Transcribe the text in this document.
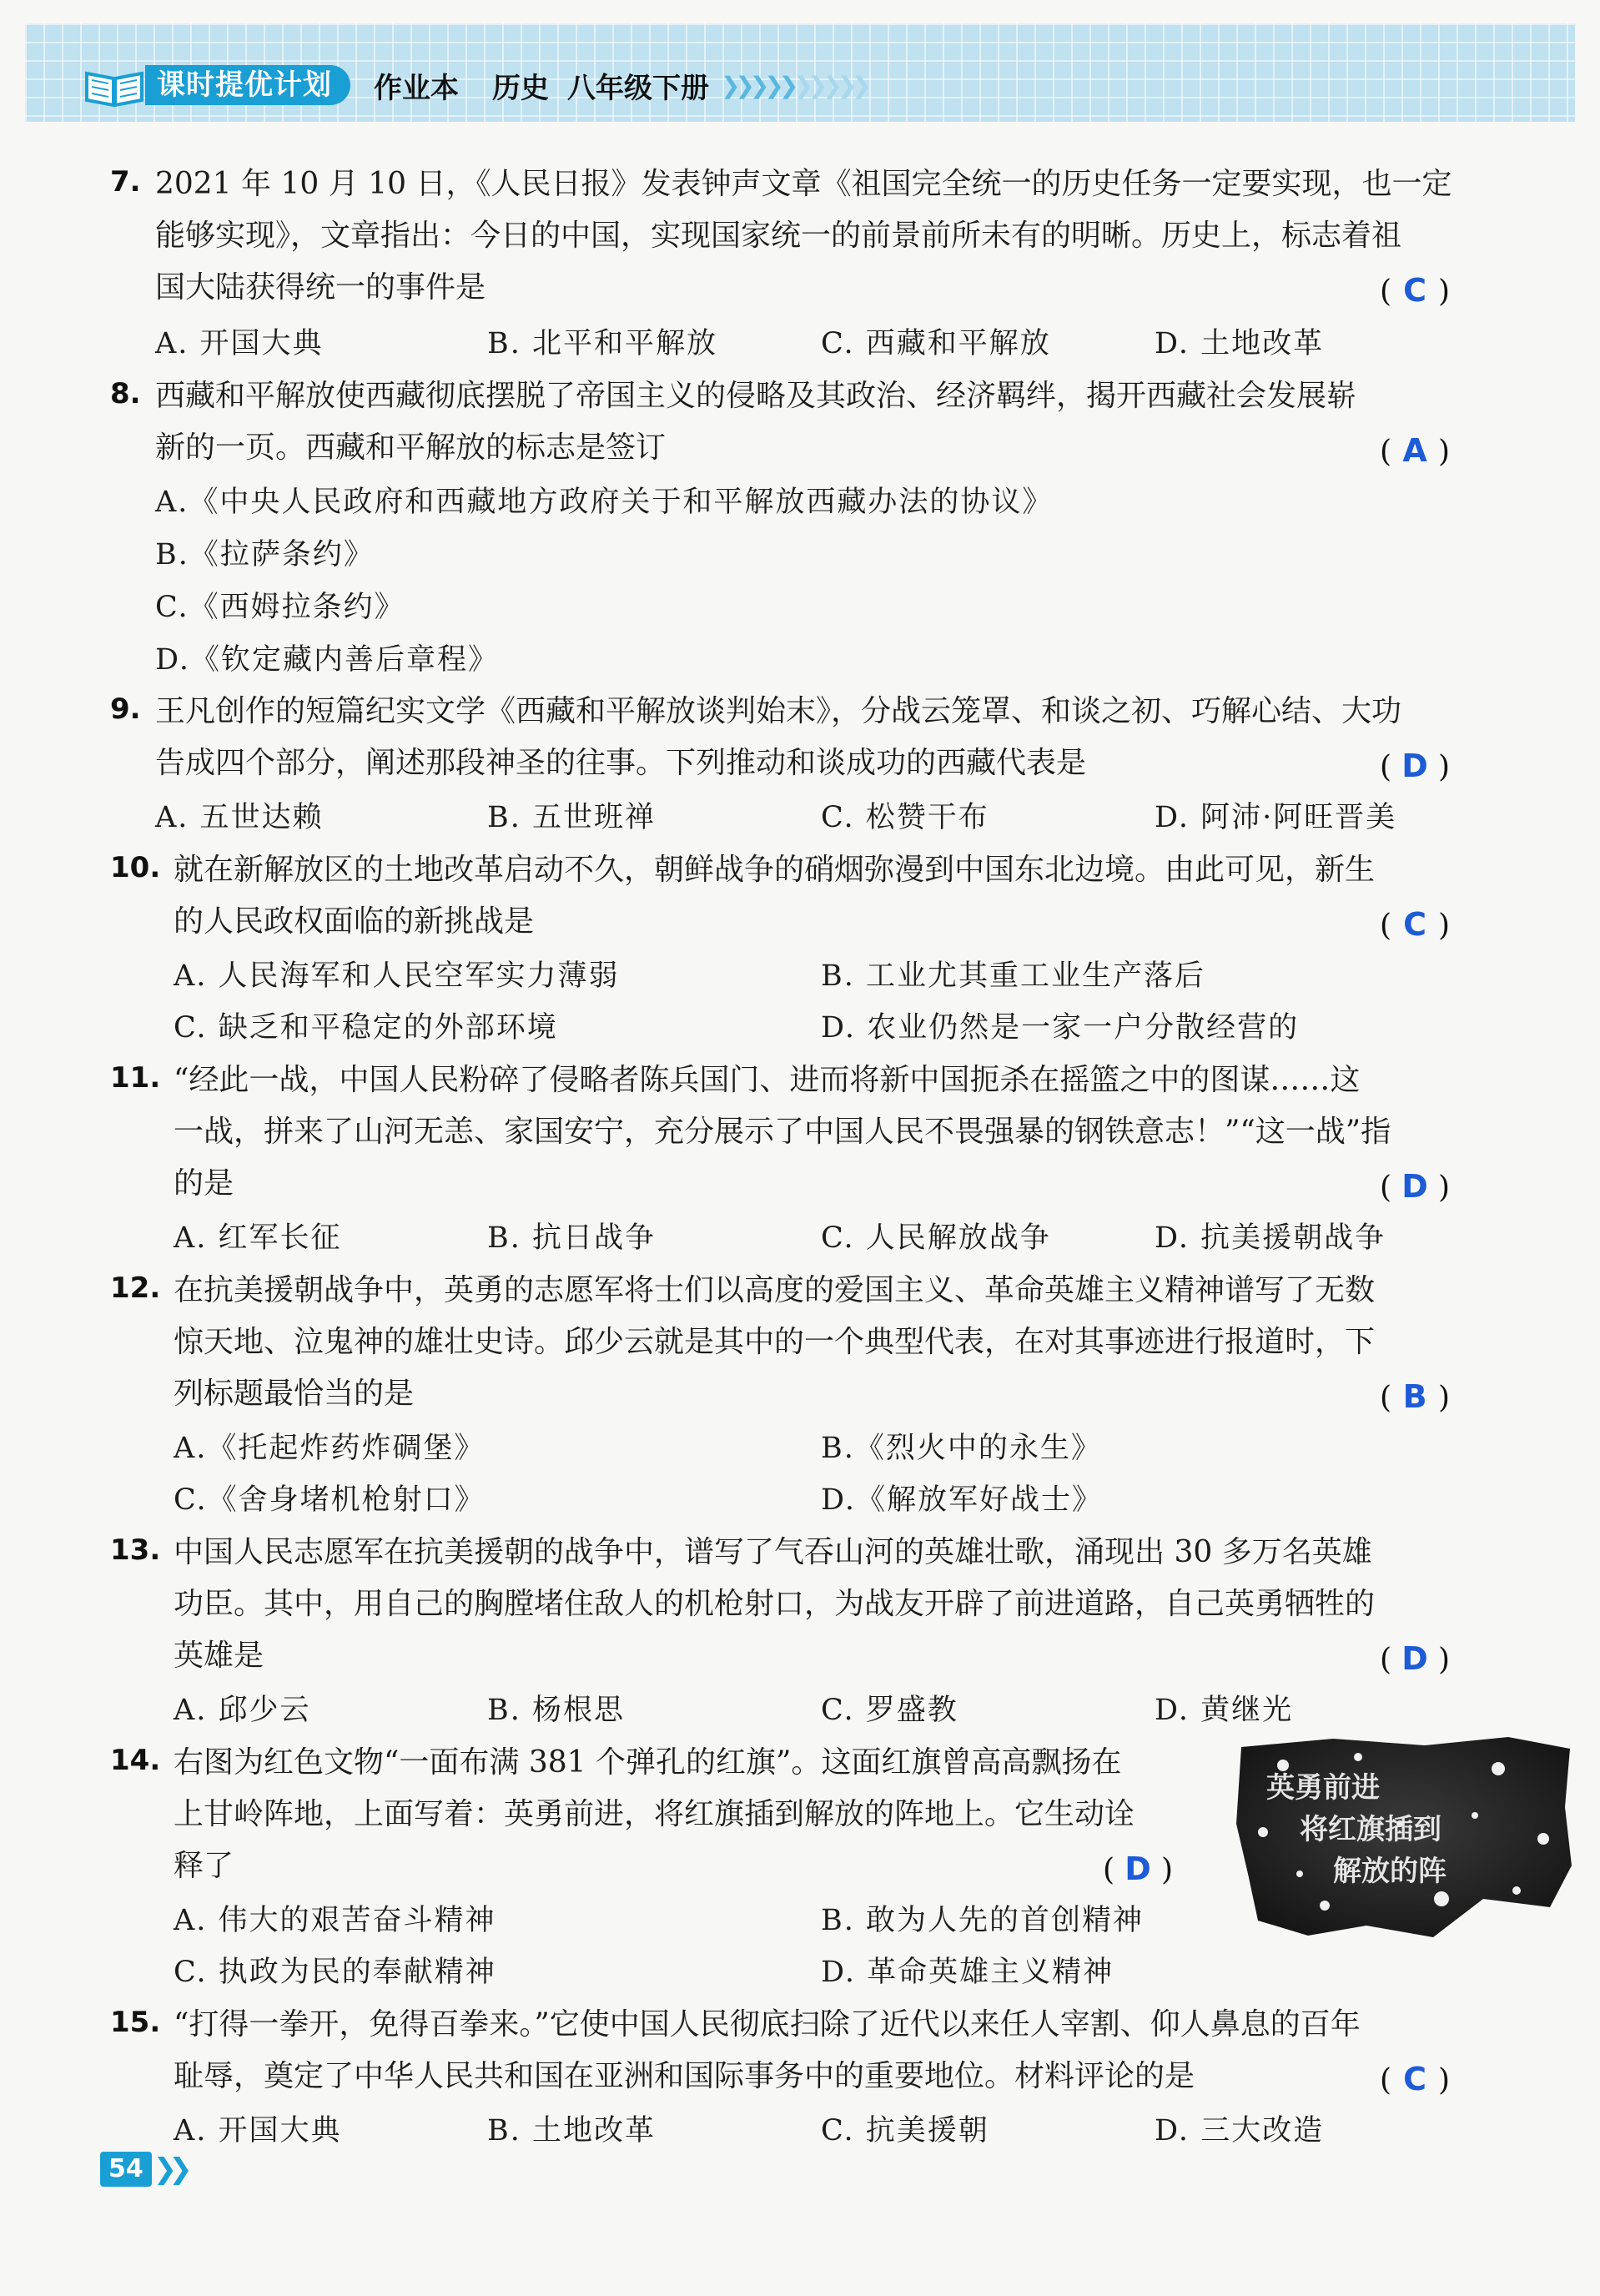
课时提优计划	作业本 历史 八年级下册 ❯❯❯❯❯❯❯❯❯❯
7. 2021 年 10 月 10 日，《人民日报》发表钟声文章《祖国完全统一的历史任务一定要实现，也一定
能够实现》，文章指出：今日的中国，实现国家统一的前景前所未有的明晰。历史上，标志着祖
国大陆获得统一的事件是	( C )
A. 开国大典	B. 北平和平解放	C. 西藏和平解放	D. 土地改革
8. 西藏和平解放使西藏彻底摆脱了帝国主义的侵略及其政治、经济羁绊，揭开西藏社会发展崭
新的一页。西藏和平解放的标志是签订	( A )
A.《中央人民政府和西藏地方政府关于和平解放西藏办法的协议》
B.《拉萨条约》
C.《西姆拉条约》
D.《钦定藏内善后章程》
9. 王凡创作的短篇纪实文学《西藏和平解放谈判始末》，分战云笼罩、和谈之初、巧解心结、大功
告成四个部分，阐述那段神圣的往事。下列推动和谈成功的西藏代表是	( D )
A. 五世达赖	B. 五世班禅	C. 松赞干布	D. 阿沛·阿旺晋美
10. 就在新解放区的土地改革启动不久，朝鲜战争的硝烟弥漫到中国东北边境。由此可见，新生
的人民政权面临的新挑战是	( C )
A. 人民海军和人民空军实力薄弱	B. 工业尤其重工业生产落后
C. 缺乏和平稳定的外部环境	D. 农业仍然是一家一户分散经营的
11. “经此一战，中国人民粉碎了侵略者陈兵国门、进而将新中国扼杀在摇篮之中的图谋……这
一战，拼来了山河无恙、家国安宁，充分展示了中国人民不畏强暴的钢铁意志！”“这一战”指
的是	( D )
A. 红军长征	B. 抗日战争	C. 人民解放战争	D. 抗美援朝战争
12. 在抗美援朝战争中，英勇的志愿军将士们以高度的爱国主义、革命英雄主义精神谱写了无数
惊天地、泣鬼神的雄壮史诗。邱少云就是其中的一个典型代表，在对其事迹进行报道时，下
列标题最恰当的是	( B )
A.《托起炸药炸碉堡》	B.《烈火中的永生》
C.《舍身堵机枪射口》	D.《解放军好战士》
13. 中国人民志愿军在抗美援朝的战争中，谱写了气吞山河的英雄壮歌，涌现出 30 多万名英雄
功臣。其中，用自己的胸膛堵住敌人的机枪射口，为战友开辟了前进道路，自己英勇牺牲的
英雄是	( D )
A. 邱少云	B. 杨根思	C. 罗盛教	D. 黄继光
14. 右图为红色文物“一面布满 381 个弹孔的红旗”。这面红旗曾高高飘扬在
上甘岭阵地，上面写着：英勇前进，将红旗插到解放的阵地上。它生动诠
释了	( D )
A. 伟大的艰苦奋斗精神	B. 敢为人先的首创精神
C. 执政为民的奉献精神	D. 革命英雄主义精神
英勇前进
将红旗插到
解放的阵
15. “打得一拳开，免得百拳来。”它使中国人民彻底扫除了近代以来任人宰割、仰人鼻息的百年
耻辱，奠定了中华人民共和国在亚洲和国际事务中的重要地位。材料评论的是	( C )
A. 开国大典	B. 土地改革	C. 抗美援朝	D. 三大改造
54 ❯❯
